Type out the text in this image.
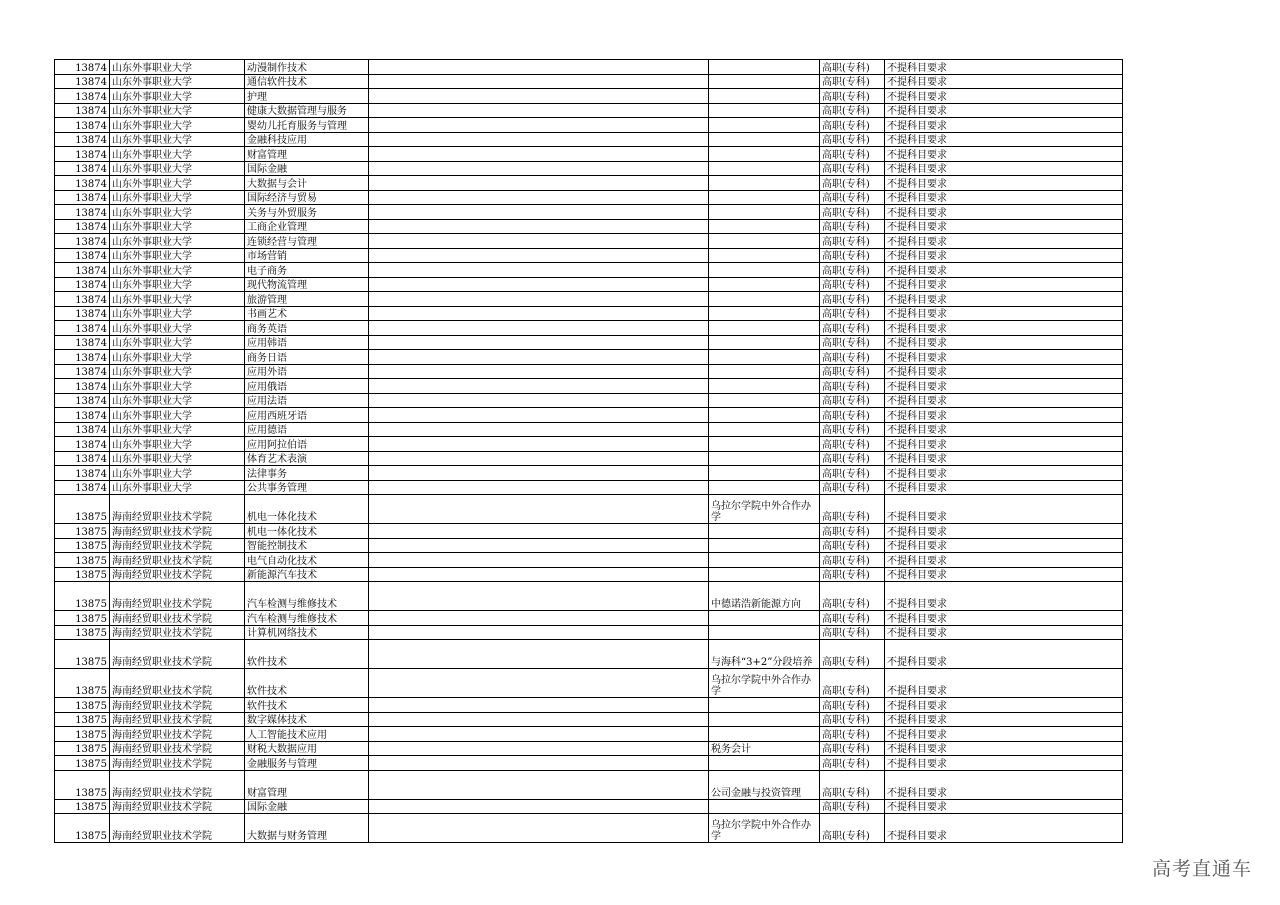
13874	山东外事职业大学	动漫制作技术			高职(专科)	不提科目要求
13874	山东外事职业大学	通信软件技术			高职(专科)	不提科目要求
13874	山东外事职业大学	护理			高职(专科)	不提科目要求
13874	山东外事职业大学	健康大数据管理与服务			高职(专科)	不提科目要求
13874	山东外事职业大学	婴幼儿托育服务与管理			高职(专科)	不提科目要求
13874	山东外事职业大学	金融科技应用			高职(专科)	不提科目要求
13874	山东外事职业大学	财富管理			高职(专科)	不提科目要求
13874	山东外事职业大学	国际金融			高职(专科)	不提科目要求
13874	山东外事职业大学	大数据与会计			高职(专科)	不提科目要求
13874	山东外事职业大学	国际经济与贸易			高职(专科)	不提科目要求
13874	山东外事职业大学	关务与外贸服务			高职(专科)	不提科目要求
13874	山东外事职业大学	工商企业管理			高职(专科)	不提科目要求
13874	山东外事职业大学	连锁经营与管理			高职(专科)	不提科目要求
13874	山东外事职业大学	市场营销			高职(专科)	不提科目要求
13874	山东外事职业大学	电子商务			高职(专科)	不提科目要求
13874	山东外事职业大学	现代物流管理			高职(专科)	不提科目要求
13874	山东外事职业大学	旅游管理			高职(专科)	不提科目要求
13874	山东外事职业大学	书画艺术			高职(专科)	不提科目要求
13874	山东外事职业大学	商务英语			高职(专科)	不提科目要求
13874	山东外事职业大学	应用韩语			高职(专科)	不提科目要求
13874	山东外事职业大学	商务日语			高职(专科)	不提科目要求
13874	山东外事职业大学	应用外语			高职(专科)	不提科目要求
13874	山东外事职业大学	应用俄语			高职(专科)	不提科目要求
13874	山东外事职业大学	应用法语			高职(专科)	不提科目要求
13874	山东外事职业大学	应用西班牙语			高职(专科)	不提科目要求
13874	山东外事职业大学	应用德语			高职(专科)	不提科目要求
13874	山东外事职业大学	应用阿拉伯语			高职(专科)	不提科目要求
13874	山东外事职业大学	体育艺术表演			高职(专科)	不提科目要求
13874	山东外事职业大学	法律事务			高职(专科)	不提科目要求
13874	山东外事职业大学	公共事务管理			高职(专科)	不提科目要求
13875	海南经贸职业技术学院	机电一体化技术		乌拉尔学院中外合作办学	高职(专科)	不提科目要求
13875	海南经贸职业技术学院	机电一体化技术			高职(专科)	不提科目要求
13875	海南经贸职业技术学院	智能控制技术			高职(专科)	不提科目要求
13875	海南经贸职业技术学院	电气自动化技术			高职(专科)	不提科目要求
13875	海南经贸职业技术学院	新能源汽车技术			高职(专科)	不提科目要求
13875	海南经贸职业技术学院	汽车检测与维修技术		中德诺浩新能源方向	高职(专科)	不提科目要求
13875	海南经贸职业技术学院	汽车检测与维修技术			高职(专科)	不提科目要求
13875	海南经贸职业技术学院	计算机网络技术			高职(专科)	不提科目要求
13875	海南经贸职业技术学院	软件技术		与海科“3+2”分段培养	高职(专科)	不提科目要求
13875	海南经贸职业技术学院	软件技术		乌拉尔学院中外合作办学	高职(专科)	不提科目要求
13875	海南经贸职业技术学院	软件技术			高职(专科)	不提科目要求
13875	海南经贸职业技术学院	数字媒体技术			高职(专科)	不提科目要求
13875	海南经贸职业技术学院	人工智能技术应用			高职(专科)	不提科目要求
13875	海南经贸职业技术学院	财税大数据应用		税务会计	高职(专科)	不提科目要求
13875	海南经贸职业技术学院	金融服务与管理			高职(专科)	不提科目要求
13875	海南经贸职业技术学院	财富管理		公司金融与投资管理	高职(专科)	不提科目要求
13875	海南经贸职业技术学院	国际金融			高职(专科)	不提科目要求
13875	海南经贸职业技术学院	大数据与财务管理		乌拉尔学院中外合作办学	高职(专科)	不提科目要求
高考直通车
